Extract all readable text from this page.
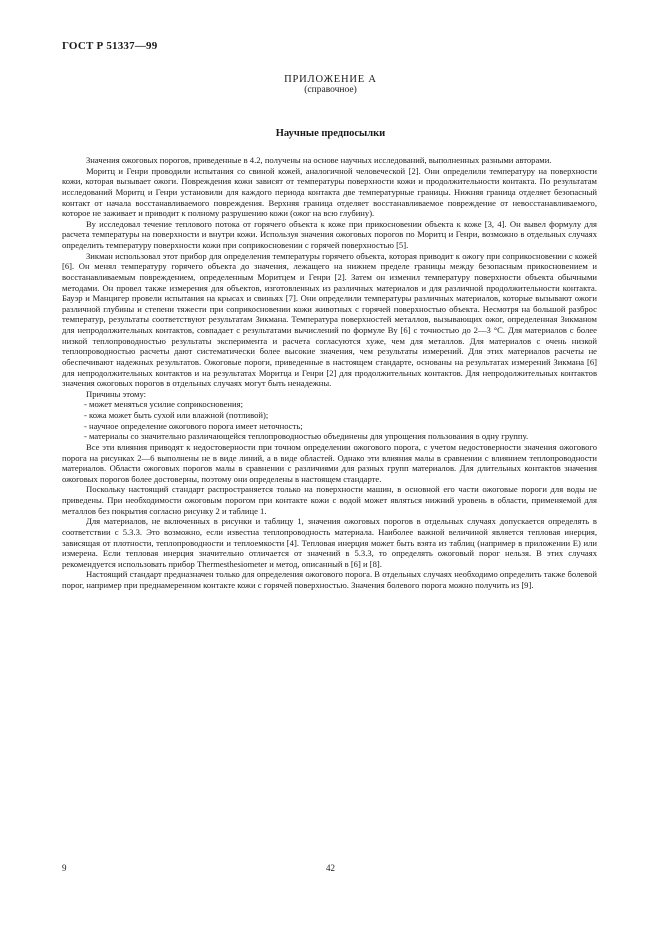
ГОСТ Р 51337—99
ПРИЛОЖЕНИЕ А
(справочное)
Научные предпосылки

Значения ожоговых порогов, приведенные в 4.2, получены на основе научных исследований, выполненных разными авторами.

Моритц и Генри проводили испытания со свиной кожей, аналогичной человеческой [2]. Они определили температуру на поверхности кожи, которая вызывает ожоги. Повреждения кожи зависят от температуры поверхности кожи и продолжительности контакта. По результатам исследований Моритц и Генри установили для каждого периода контакта две температурные границы. Нижняя граница отделяет безопасный контакт от начала восстанавливаемого повреждения. Верхняя граница отделяет восстанавливаемое повреждение от невосстанавливаемого, которое не заживает и приводит к полному разрушению кожи (ожог на всю глубину).

Ву исследовал течение теплового потока от горячего объекта к коже при прикосновении объекта к коже [3, 4]. Он вывел формулу для расчета температуры на поверхности и внутри кожи. Используя значения ожоговых порогов по Моритц и Генри, возможно в отдельных случаях определить температуру поверхности кожи при соприкосновении с горячей поверхностью [5].

Зикман использовал этот прибор для определения температуры горячего объекта, которая приводит к ожогу при соприкосновении с кожей [6]. Он менял температуру горячего объекта до значения, лежащего на нижнем пределе границы между безопасным прикосновением и восстанавливаемым повреждением, определенным Моритцем и Генри [2]. Затем он изменил температуру поверхности объекта обычными методами. Он провел также измерения для объектов, изготовленных из различных материалов и для различной продолжительности контакта. Бауэр и Манцигер провели испытания на крысах и свиньях [7]. Они определили температуры различных материалов, которые вызывают ожоги различной глубины и степени тяжести при соприкосновении кожи животных с горячей поверхностью объекта. Несмотря на большой разброс температур, результаты соответствуют результатам Зикмана. Температура поверхностей металлов, вызывающих ожог, определенная Зикманом для непродолжительных контактов, совпадает с результатами вычислений по формуле Ву [6] с точностью до 2—3 °С. Для материалов с более низкой теплопроводностью результаты эксперимента и расчета согласуются хуже, чем для металлов. Для материалов с очень низкой теплопроводностью расчеты дают систематически более высокие значения, чем результаты измерений. Для этих материалов расчеты не обеспечивают надежных результатов. Ожоговые пороги, приведенные в настоящем стандарте, основаны на результатах измерений Зикмана [6] для непродолжительных контактов и на результатах Моритца и Генри [2] для продолжительных контактов. Для непродолжительных контактов значения ожоговых порогов в отдельных случаях могут быть ненадежны.

Причины этому:

- может меняться усилие соприкосновения;
- кожа может быть сухой или влажной (потливой);
- научное определение ожогового порога имеет неточность;
- материалы со значительно различающейся теплопроводностью объединены для упрощения пользования в одну группу.

Все эти влияния приводят к недостоверности при точном определении ожогового порога, с учетом недостоверности значения ожогового порога на рисунках 2—6 выполнены не в виде линий, а в виде областей. Однако эти влияния малы в сравнении с влиянием теплопроводности материалов. Области ожоговых порогов малы в сравнении с различиями для разных групп материалов. Для длительных контактов значения ожоговых порогов более достоверны, поэтому они определены в настоящем стандарте.

Поскольку настоящий стандарт распространяется только на поверхности машин, в основной его части ожоговые пороги для воды не приведены. При необходимости ожоговым порогом при контакте кожи с водой может являться нижний уровень в области, применяемой для металлов без покрытия согласно рисунку 2 и таблице 1.

Для материалов, не включенных в рисунки и таблицу 1, значения ожоговых порогов в отдельных случаях допускается определять в соответствии с 5.3.3. Это возможно, если известна теплопроводность материала. Наиболее важной величиной является тепловая инерция, зависящая от плотности, теплопроводности и теплоемкости [4]. Тепловая инерция может быть взята из таблиц (например в приложении Е) или измерена. Если тепловая инерция значительно отличается от значений в 5.3.3, то определять ожоговый порог нельзя. В этих случаях рекомендуется использовать прибор Thermesthesiometer и метод, описанный в [6] и [8].

Настоящий стандарт предназначен только для определения ожогового порога. В отдельных случаях необходимо определить также болевой порог, например при преднамеренном контакте кожи с горячей поверхностью. Значения болевого порога можно получить из [9].

9	42
